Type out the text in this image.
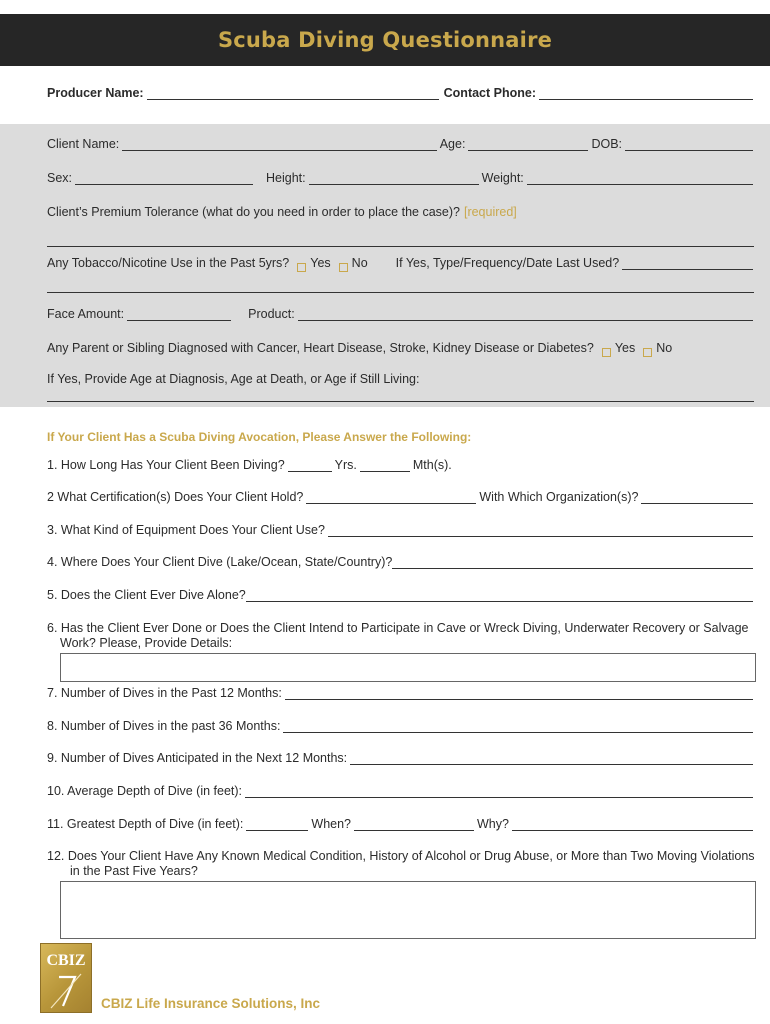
Scuba Diving Questionnaire
Producer Name:	Contact Phone:
Client Name:	Age:	DOB:
Sex:	Height:	Weight:
Client’s Premium Tolerance (what do you need in order to place the case)? [required]
Any Tobacco/Nicotine Use in the Past 5yrs? Yes No If Yes, Type/Frequency/Date Last Used?
Face Amount:	Product:
Any Parent or Sibling Diagnosed with Cancer, Heart Disease, Stroke, Kidney Disease or Diabetes? Yes No
If Yes, Provide Age at Diagnosis, Age at Death, or Age if Still Living:
If Your Client Has a Scuba Diving Avocation, Please Answer the Following:
1. How Long Has Your Client Been Diving?	Yrs.	Mth(s).
2 What Certification(s) Does Your Client Hold?	With Which Organization(s)?
3. What Kind of Equipment Does Your Client Use?
4. Where Does Your Client Dive (Lake/Ocean, State/Country)?
5. Does the Client Ever Dive Alone?
6. Has the Client Ever Done or Does the Client Intend to Participate in Cave or Wreck Diving, Underwater Recovery or Salvage
Work? Please, Provide Details:
7. Number of Dives in the Past 12 Months:
8. Number of Dives in the past 36 Months:
9. Number of Dives Anticipated in the Next 12 Months:
10. Average Depth of Dive (in feet):
11. Greatest Depth of Dive (in feet):	When?	Why?
12. Does Your Client Have Any Known Medical Condition, History of Alcohol or Drug Abuse, or More than Two Moving Violations
in the Past Five Years?
CBIZ
CBIZ Life Insurance Solutions, Inc
